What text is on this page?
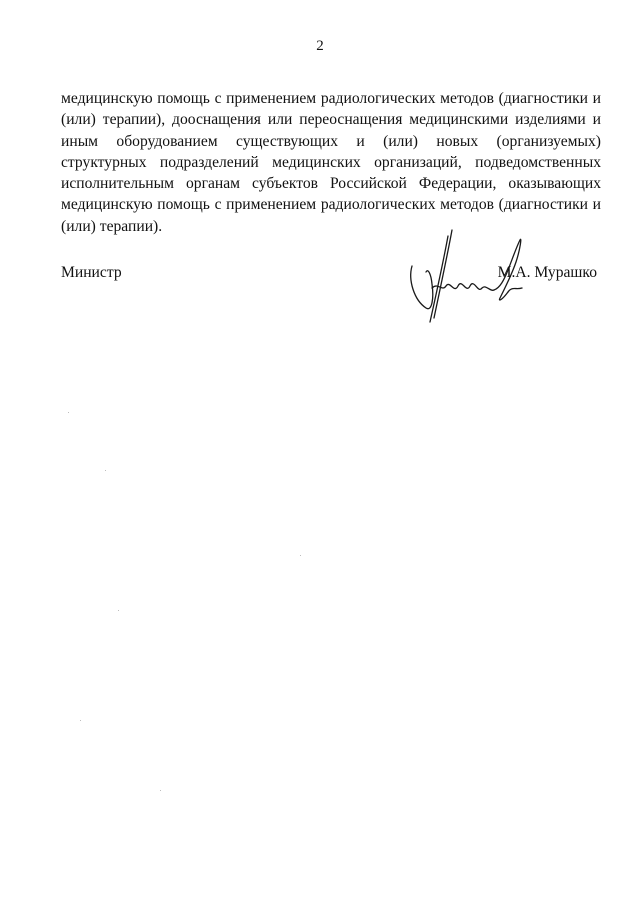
2

медицинскую помощь с применением радиологических методов (диагностики и (или) терапии), дооснащения или переоснащения медицинскими изделиями и иным оборудованием существующих и (или) новых (организуемых) структурных подразделений медицинских организаций, подведомственных исполнительным органам субъектов Российской Федерации, оказывающих медицинскую помощь с применением радиологических методов (диагностики и (или) терапии).

Министр	М.А. Мурашко
